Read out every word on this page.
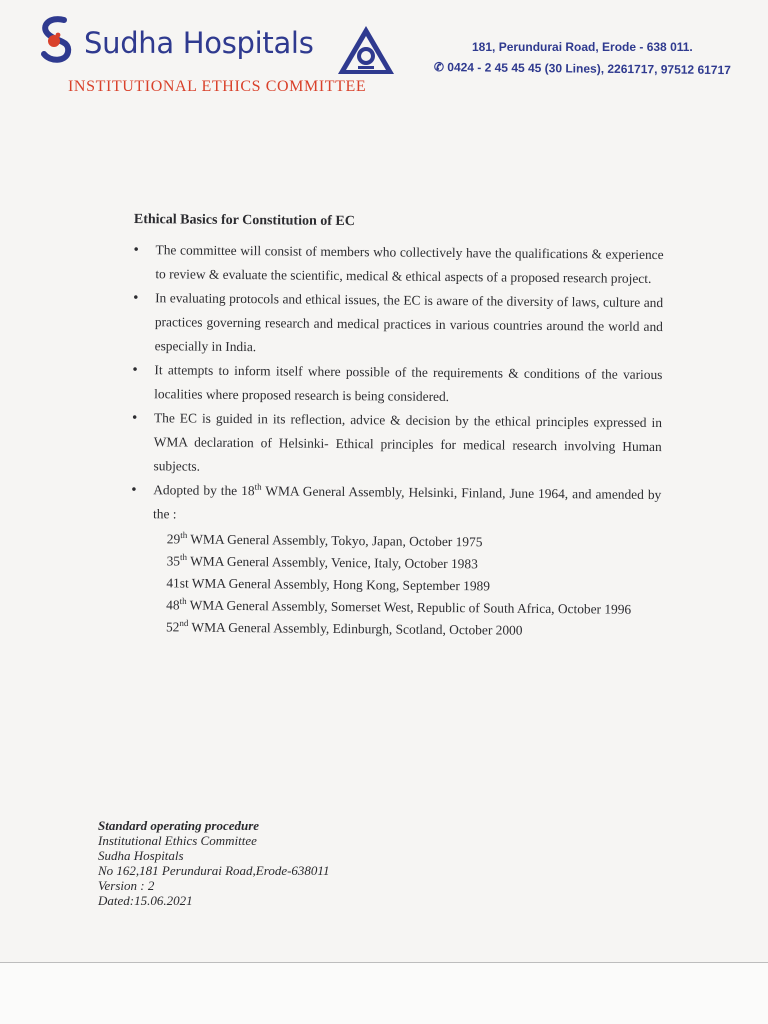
Sudha Hospitals
INSTITUTIONAL ETHICS COMMITTEE
181, Perundurai Road, Erode - 638 011.
✆ 0424 - 2 45 45 45 (30 Lines), 2261717, 97512 61717
Ethical Basics for Constitution of EC
• The committee will consist of members who collectively have the qualifications & experience to review & evaluate the scientific, medical & ethical aspects of a proposed research project.
• In evaluating protocols and ethical issues, the EC is aware of the diversity of laws, culture and practices governing research and medical practices in various countries around the world and especially in India.
• It attempts to inform itself where possible of the requirements & conditions of the various localities where proposed research is being considered.
• The EC is guided in its reflection, advice & decision by the ethical principles expressed in WMA declaration of Helsinki- Ethical principles for medical research involving Human subjects.
• Adopted by the 18th WMA General Assembly, Helsinki, Finland, June 1964, and amended by the :
29th WMA General Assembly, Tokyo, Japan, October 1975
35th WMA General Assembly, Venice, Italy, October 1983
41st WMA General Assembly, Hong Kong, September 1989
48th WMA General Assembly, Somerset West, Republic of South Africa, October 1996
52nd WMA General Assembly, Edinburgh, Scotland, October 2000
Standard operating procedure
Institutional Ethics Committee
Sudha Hospitals
No 162,181 Perundurai Road,Erode-638011
Version : 2
Dated:15.06.2021
